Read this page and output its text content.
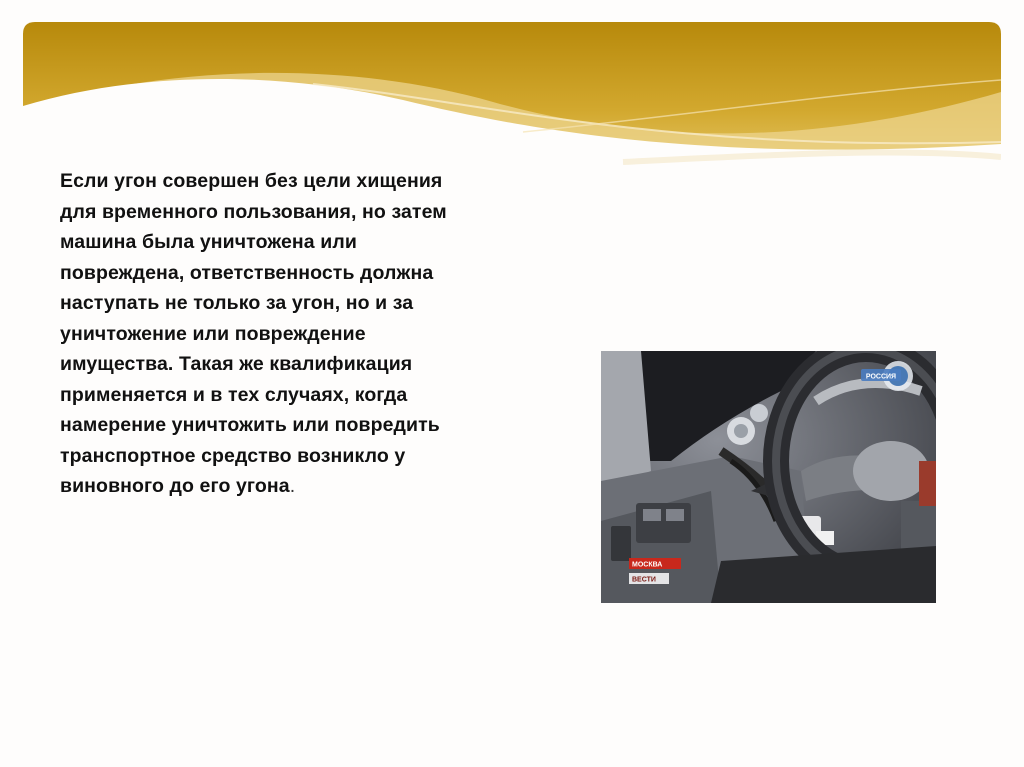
Если угон совершен без цели хищения для временного пользования, но затем машина была уничтожена или повреждена, ответственность должна наступать не только за угон, но и за уничтожение или повреждение имущества. Такая же квалификация применяется и в тех случаях, когда намерение уничтожить или повредить транспортное средство возникло у виновного до его угона.
РОССИЯ
МОСКВА
ВЕСТИ
